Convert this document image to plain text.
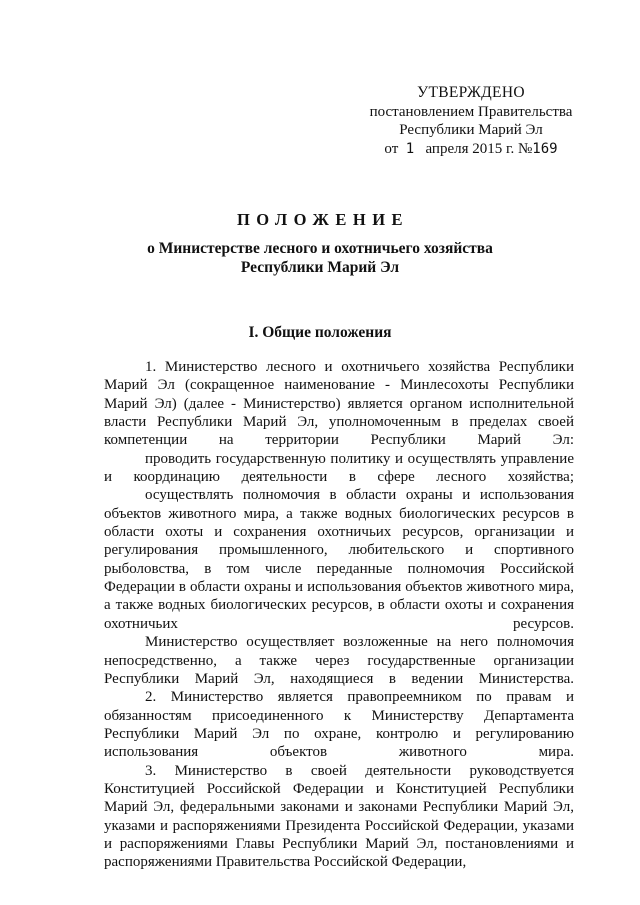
УТВЕРЖДЕНО
постановлением Правительства
Республики Марий Эл
от 1 апреля 2015 г. №169
ПОЛОЖЕНИЕ
о Министерстве лесного и охотничьего хозяйства
Республики Марий Эл
I. Общие положения

1. Министерство лесного и охотничьего хозяйства Республики Марий Эл (сокращенное наименование - Минлесохоты Республики Марий Эл) (далее - Министерство) является органом исполнительной власти Республики Марий Эл, уполномоченным в пределах своей компетенции на территории Республики Марий Эл:

проводить государственную политику и осуществлять управление и координацию деятельности в сфере лесного хозяйства;

осуществлять полномочия в области охраны и использования объектов животного мира, а также водных биологических ресурсов в области охоты и сохранения охотничьих ресурсов, организации и регулирования промышленного, любительского и спортивного рыболовства, в том числе переданные полномочия Российской Федерации в области охраны и использования объектов животного мира, а также водных биологических ресурсов, в области охоты и сохранения охотничьих ресурсов.

Министерство осуществляет возложенные на него полномочия непосредственно, а также через государственные организации Республики Марий Эл, находящиеся в ведении Министерства.

2. Министерство является правопреемником по правам и обязанностям присоединенного к Министерству Департамента Республики Марий Эл по охране, контролю и регулированию использования объектов животного мира.

3. Министерство в своей деятельности руководствуется Конституцией Российской Федерации и Конституцией Республики Марий Эл, федеральными законами и законами Республики Марий Эл, указами и распоряжениями Президента Российской Федерации, указами и распоряжениями Главы Республики Марий Эл, постановлениями и распоряжениями Правительства Российской Федерации,
